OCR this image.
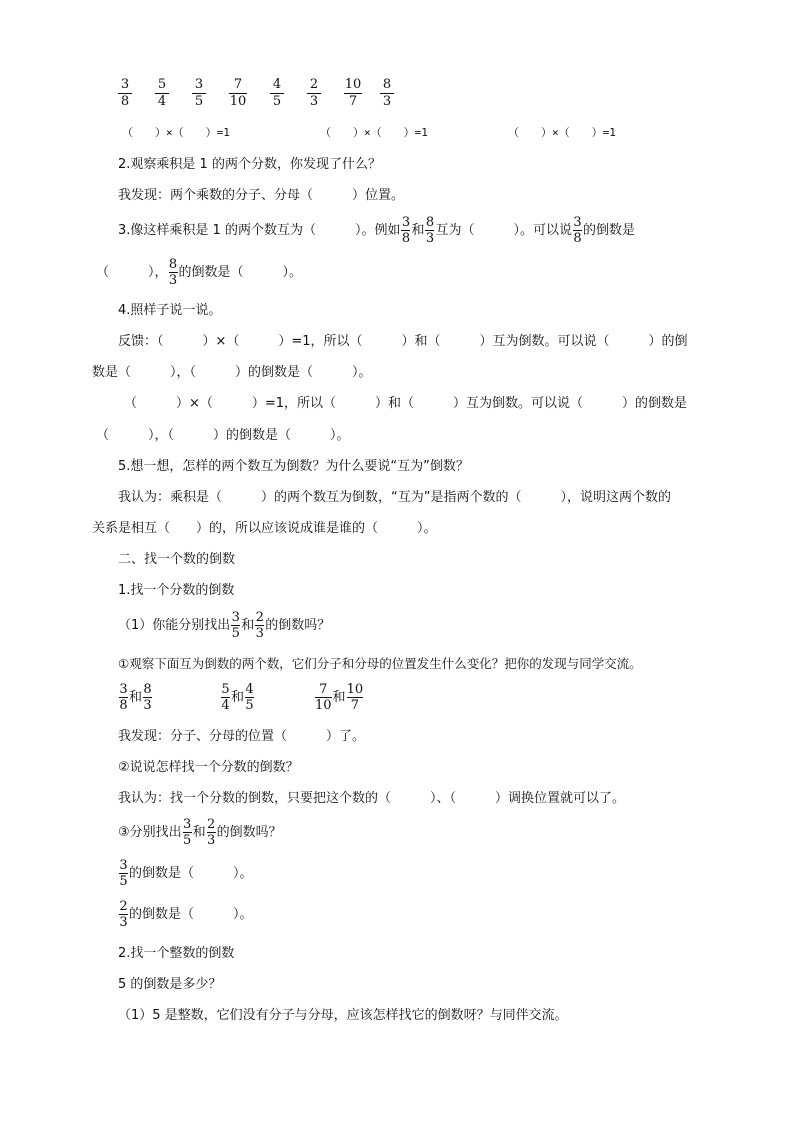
3
8
5
4
3
5
7
10
4
5
2
3
10
7
8
3
（　　）×（　　）=1	（　　）×（　　）=1	（　　）×（　　）=1
2.观察乘积是 1 的两个分数，你发现了什么？
我发现：两个乘数的分子、分母（　　　）位置。
3.像这样乘积是 1 的两个数互为（　　　）。例如 $\frac{3}{8}$ 和 $\frac{8}{3}$ 互为（　　　）。可以说 $\frac{3}{8}$ 的倒数是
（　　　）， $\frac{8}{3}$ 的倒数是（　　　）。
4.照样子说一说。
反馈：（　　　）×（　　　）=1，所以（　　　）和（　　　）互为倒数。可以说（　　　）的倒
数是（　　　），（　　　）的倒数是（　　　）。
（　　　）×（　　　）=1，所以（　　　）和（　　　）互为倒数。可以说（　　　）的倒数是
（　　　），（　　　）的倒数是（　　　）。
5.想一想，怎样的两个数互为倒数？为什么要说“互为”倒数？
我认为：乘积是（　　　）的两个数互为倒数，“互为”是指两个数的（　　　），说明这两个数的
关系是相互（　　）的，所以应该说成谁是谁的（　　　）。
二、找一个数的倒数
1.找一个分数的倒数
（1）你能分别找出 $\frac{3}{5}$ 和 $\frac{2}{3}$ 的倒数吗？
①观察下面互为倒数的两个数，它们分子和分母的位置发生什么变化？把你的发现与同学交流。
$\frac{3}{8}$ 和 $\frac{8}{3}$	$\frac{5}{4}$ 和 $\frac{4}{5}$	$\frac{7}{10}$ 和 $\frac{10}{7}$
我发现：分子、分母的位置（　　　）了。
②说说怎样找一个分数的倒数？
我认为：找一个分数的倒数，只要把这个数的（　　　）、（　　　）调换位置就可以了。
③分别找出 $\frac{3}{5}$ 和 $\frac{2}{3}$ 的倒数吗？
$\frac{3}{5}$ 的倒数是（　　　）。
$\frac{2}{3}$ 的倒数是（　　　）。
2.找一个整数的倒数
5 的倒数是多少？
（1）5 是整数，它们没有分子与分母，应该怎样找它的倒数呀？与同伴交流。
